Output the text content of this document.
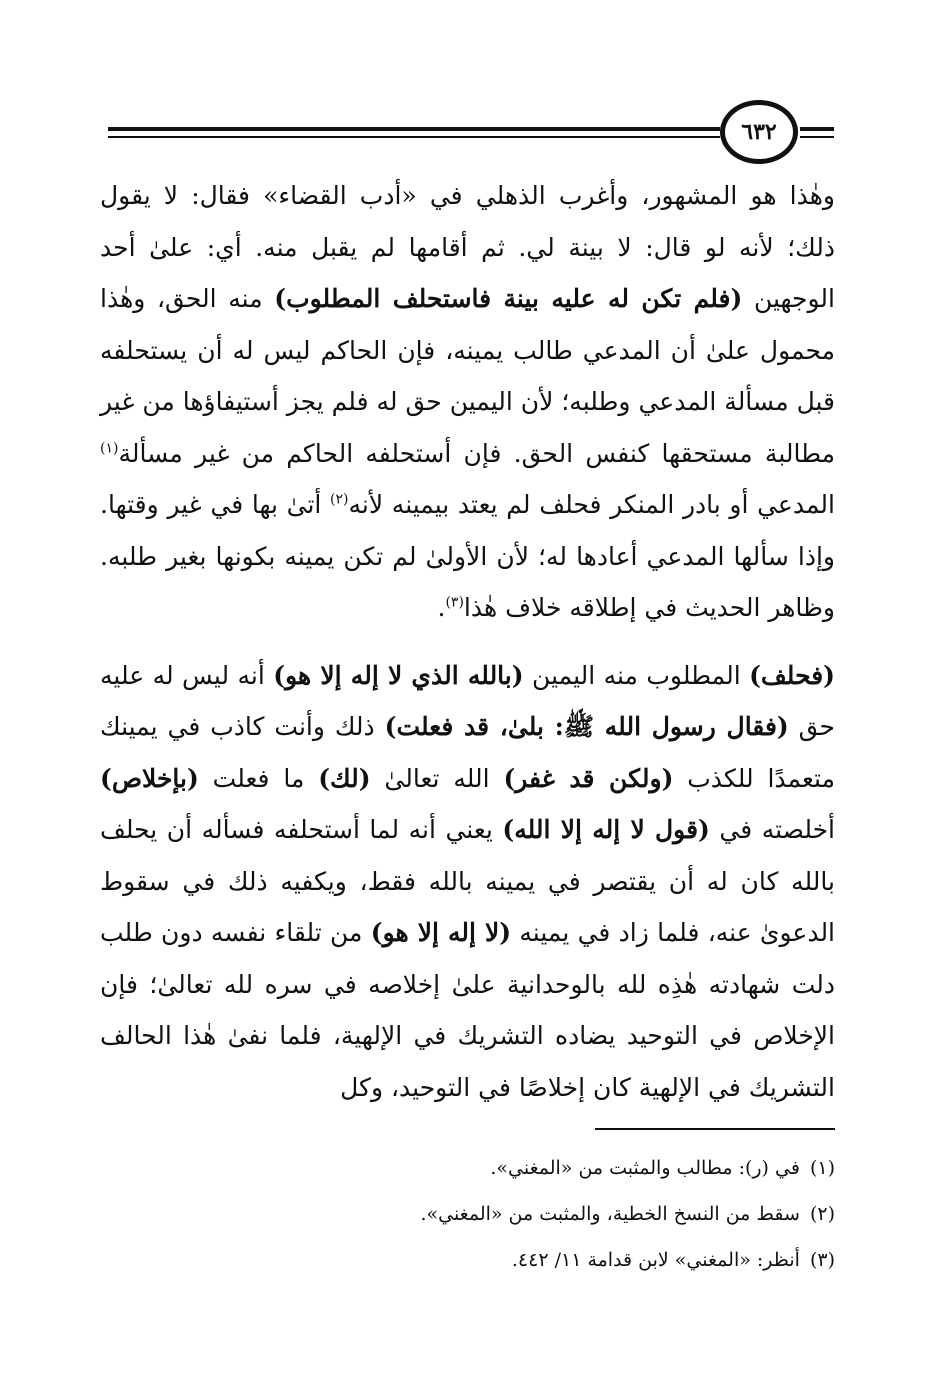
٦٣٢

وهٰذا هو المشهور، وأغرب الذهلي في «أدب القضاء» فقال: لا يقول ذلك؛ لأنه لو قال: لا بينة لي. ثم أقامها لم يقبل منه. أي: علىٰ أحد الوجهين (فلم تكن له عليه بينة فاستحلف المطلوب) منه الحق، وهٰذا محمول علىٰ أن المدعي طالب يمينه، فإن الحاكم ليس له أن يستحلفه قبل مسألة المدعي وطلبه؛ لأن اليمين حق له فلم يجز أستيفاؤها من غير مطالبة مستحقها كنفس الحق. فإن أستحلفه الحاكم من غير مسألة$^{(١)}$ المدعي أو بادر المنكر فحلف لم يعتد بيمينه لأنه$^{(٢)}$ أتىٰ بها في غير وقتها. وإذا سألها المدعي أعادها له؛ لأن الأولىٰ لم تكن يمينه بكونها بغير طلبه. وظاهر الحديث في إطلاقه خلاف هٰذا$^{(٣)}$.

(فحلف) المطلوب منه اليمين (بالله الذي لا إله إلا هو) أنه ليس له عليه حق (فقال رسول الله ﷺ: بلىٰ، قد فعلت) ذلك وأنت كاذب في يمينك متعمدًا للكذب (ولكن قد غفر) الله تعالىٰ (لك) ما فعلت (بإخلاص) أخلصته في (قول لا إله إلا الله) يعني أنه لما أستحلفه فسأله أن يحلف بالله كان له أن يقتصر في يمينه بالله فقط، ويكفيه ذلك في سقوط الدعوىٰ عنه، فلما زاد في يمينه (لا إله إلا هو) من تلقاء نفسه دون طلب دلت شهادته هٰذِه لله بالوحدانية علىٰ إخلاصه في سره لله تعالىٰ؛ فإن الإخلاص في التوحيد يضاده التشريك في الإلهية، فلما نفىٰ هٰذا الحالف التشريك في الإلهية كان إخلاصًا في التوحيد، وكل

(١)في (ر): مطالب والمثبت من «المغني».
(٢)سقط من النسخ الخطية، والمثبت من «المغني».
(٣)أنظر: «المغني» لابن قدامة ١١/ ٤٤٢.
